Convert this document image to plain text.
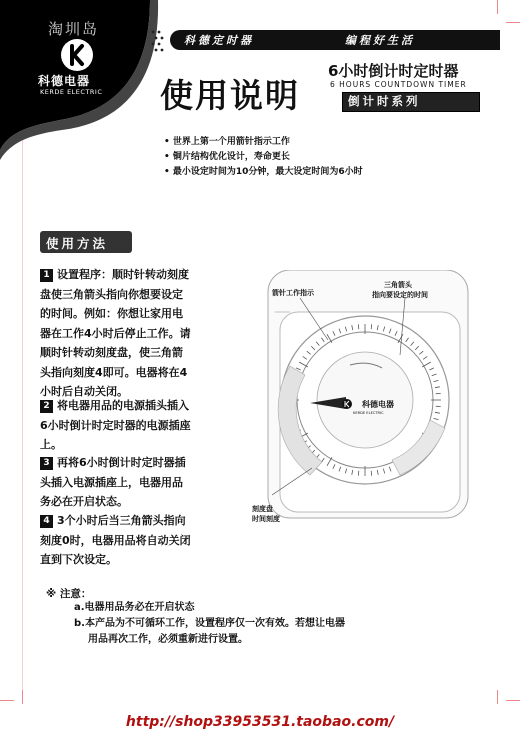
淘圳岛
科德电器
KERDE ELECTRIC
科德定时器	编程好生活
使用说明
6小时倒计时定时器
6 HOURS COUNTDOWN TIMER
倒计时系列
• 世界上第一个用箭针指示工作
• 铜片结构优化设计，寿命更长
• 最小设定时间为10分钟，最大设定时间为6小时
使用方法
1 设置程序：顺时针转动刻度
盘使三角箭头指向你想要设定
的时间。例如：你想让家用电
器在工作4小时后停止工作。请
顺时针转动刻度盘，使三角箭
头指向刻度4即可。电器将在4
小时后自动关闭。
2 将电器用品的电源插头插入
6小时倒计时定时器的电源插座
上。
3 再将6小时倒计时定时器插
头插入电源插座上，电器用品
务必在开启状态。
4 3个小时后当三角箭头指向
刻度0时，电器用品将自动关闭
直到下次设定。
科德电器
KERDE ELECTRIC
箭针工作指示
三角箭头
指向要设定的时间
刻度盘
时间刻度
※ 注意：
a.电器用品务必在开启状态
b.本产品为不可循环工作，设置程序仅一次有效。若想让电器
用品再次工作，必须重新进行设置。
http://shop33953531.taobao.com/
